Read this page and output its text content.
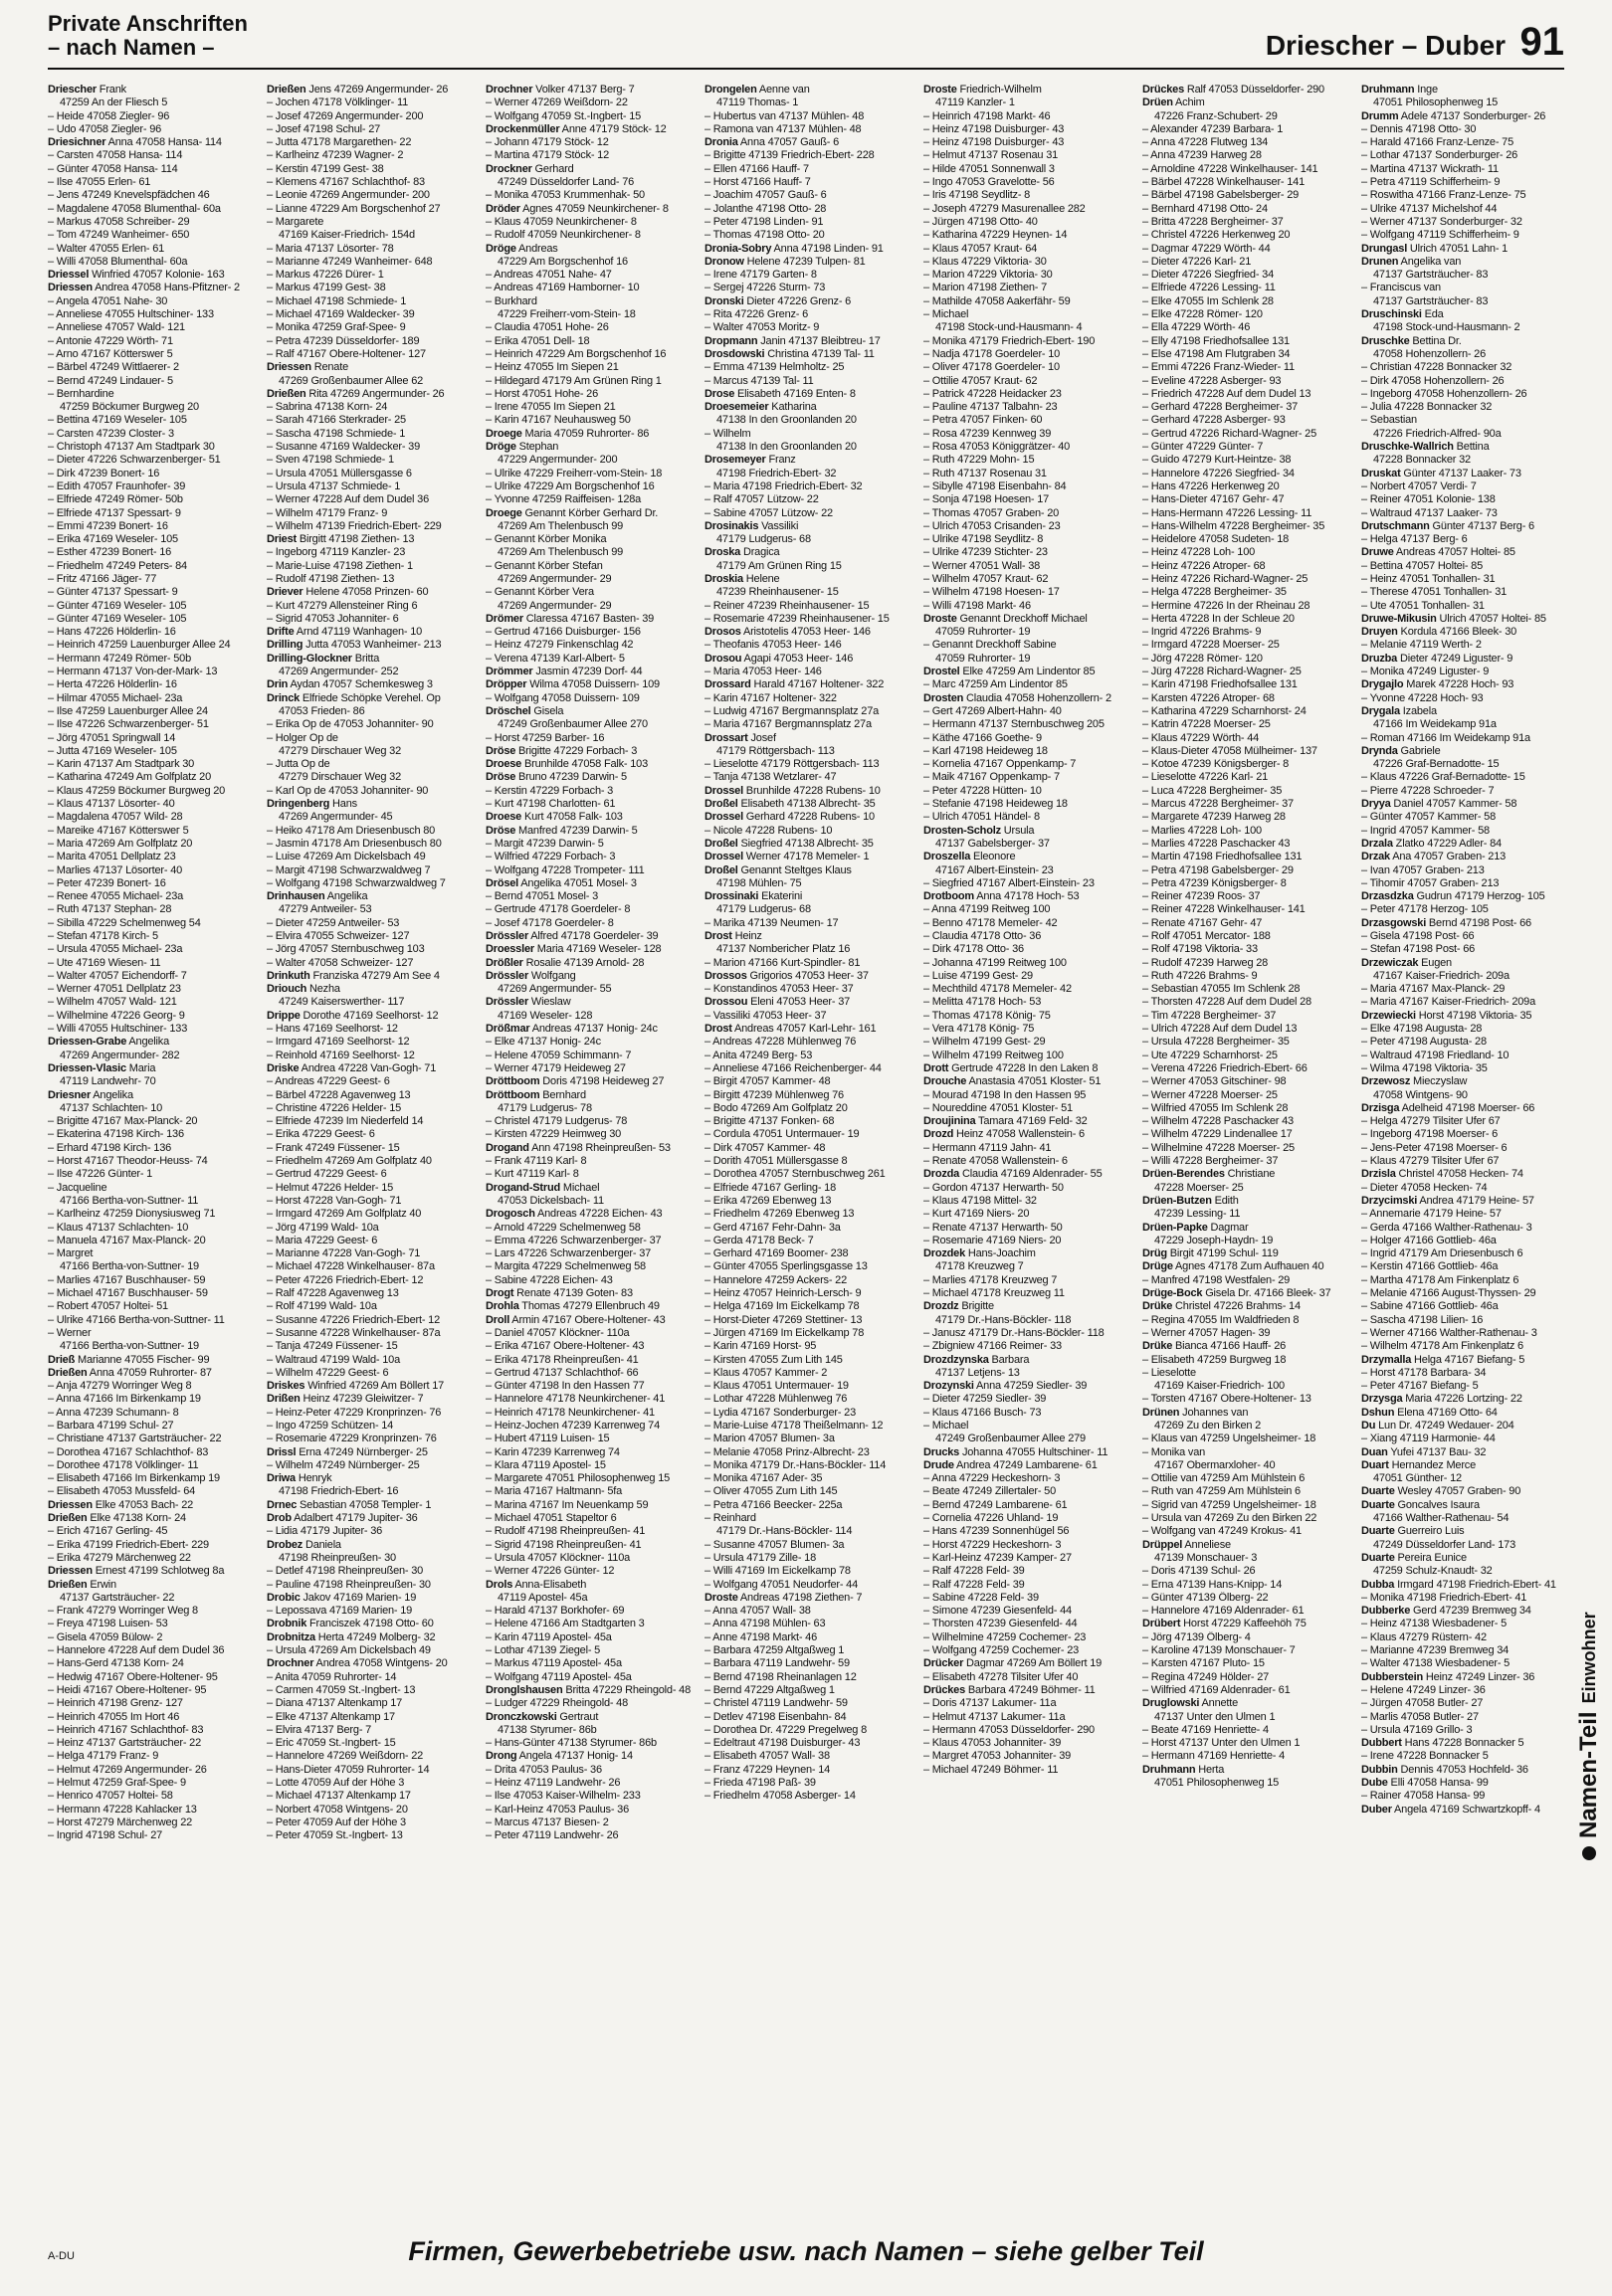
Private Anschriften
– nach Namen –	Driescher – Duber 91
Driescher Frank
47259 An der Fliesch 5
– Heide 47058 Ziegler- 96
– Udo 47058 Ziegler- 96
Driesichner Anna 47058 Hansa- 114
– Carsten 47058 Hansa- 114
– Günter 47058 Hansa- 114
– Ilse 47055 Erlen- 61
– Jens 47249 Knevelspfädchen 46
– Magdalene 47058 Blumenthal- 60a
– Markus 47058 Schreiber- 29
– Tom 47249 Wanheimer- 650
– Walter 47055 Erlen- 61
– Willi 47058 Blumenthal- 60a
Driessel Winfried 47057 Kolonie- 163
Driessen Andrea 47058 Hans-Pfitzner- 2
– Angela 47051 Nahe- 30
– Anneliese 47055 Hultschiner- 133
– Anneliese 47057 Wald- 121
– Antonie 47229 Wörth- 71
– Arno 47167 Kötterswег 5
– Bärbel 47249 Wittlaerer- 2
– Bernd 47249 Lindauer- 5
– Bernhardine
47259 Böckumer Burgweg 20
– Bettina 47169 Weseler- 105
– Carsten 47239 Closter- 3
– Christoph 47137 Am Stadtpark 30
– Dieter 47226 Schwarzenberger- 51
– Dirk 47239 Bonert- 16
– Edith 47057 Fraunhofer- 39
– Elfriede 47249 Römer- 50b
– Elfriede 47137 Spessart- 9
– Emmi 47239 Bonert- 16
– Erika 47169 Weseler- 105
– Esther 47239 Bonert- 16
– Friedhelm 47249 Peters- 84
– Fritz 47166 Jäger- 77
– Günter 47137 Spessart- 9
– Günter 47169 Weseler- 105
– Günter 47169 Weseler- 105
– Hans 47226 Hölderlin- 16
– Heinrich 47259 Lauenburger Allee 24
– Hermann 47249 Römer- 50b
– Hermann 47137 Von-der-Mark- 13
– Herta 47226 Hölderlin- 16
– Hilmar 47055 Michael- 23a
– Ilse 47259 Lauenburger Allee 24
– Ilse 47226 Schwarzenberger- 51
– Jörg 47051 Springwall 14
– Jutta 47169 Weseler- 105
– Karin 47137 Am Stadtpark 30
– Katharina 47249 Am Golfplatz 20
– Klaus 47259 Böckumer Burgweg 20
– Klaus 47137 Lösorter- 40
– Magdalena 47057 Wild- 28
– Mareike 47167 Kötterswег 5
– Maria 47269 Am Golfplatz 20
– Marita 47051 Dellplatz 23
– Marlies 47137 Lösorter- 40
– Peter 47239 Bonert- 16
– Renee 47055 Michael- 23a
– Ruth 47137 Stephan- 28
– Sibilla 47229 Schelmenweg 54
– Stefan 47178 Kirch- 5
– Ursula 47055 Michael- 23a
– Ute 47169 Wiesen- 11
– Walter 47057 Eichendorff- 7
– Werner 47051 Dellplatz 23
– Wilhelm 47057 Wald- 121
– Wilhelmine 47226 Georg- 9
– Willi 47055 Hultschiner- 133
Driessen-Grabe Angelika
47269 Angermunder- 282
Driessen-Vlasic Maria
47119 Landwehr- 70
Driesner Angelika
47137 Schlachten- 10
– Brigitte 47167 Max-Planck- 20
– Ekaterina 47198 Kirch- 136
– Erhard 47198 Kirch- 136
– Horst 47167 Theodor-Heuss- 74
– Ilse 47226 Günter- 1
– Jacqueline
47166 Bertha-von-Suttner- 11
– Karlheinz 47259 Dionysiusweg 71
– Klaus 47137 Schlachten- 10
– Manuela 47167 Max-Planck- 20
– Margret
47166 Bertha-von-Suttner- 19
– Marlies 47167 Buschhauser- 59
– Michael 47167 Buschhauser- 59
– Robert 47057 Holtei- 51
– Ulrike 47166 Bertha-von-Suttner- 11
– Werner
47166 Bertha-von-Suttner- 19
Drieß Marianne 47055 Fischer- 99
Drießen Anna 47059 Ruhrorter- 87
– Anja 47279 Worringer Weg 8
– Anna 47166 Im Birkenkamp 19
– Anna 47239 Schumann- 8
– Barbara 47199 Schul- 27
– Christiane 47137 Gartsträucher- 22
– Dorothea 47167 Schlachthof- 83
– Dorothee 47178 Völklinger- 11
– Elisabeth 47166 Im Birkenkamp 19
– Elisabeth 47053 Mussfeld- 64
Driessen Elke 47053 Bach- 22
Drießen Elke 47138 Korn- 24
– Erich 47167 Gerling- 45
– Erika 47199 Friedrich-Ebert- 229
– Erika 47279 Märchenweg 22
Driessen Ernest 47199 Schlotweg 8a
Drießen Erwin
47137 Gartsträucher- 22
– Frank 47279 Worringer Weg 8
– Freya 47198 Luisen- 53
– Gisela 47059 Bülow- 2
– Hannelore 47228 Auf dem Dudel 36
– Hans-Gerd 47138 Korn- 24
– Hedwig 47167 Obere-Holtener- 95
– Heidi 47167 Obere-Holtener- 95
– Heinrich 47198 Grenz- 127
– Heinrich 47055 Im Hort 46
– Heinrich 47167 Schlachthof- 83
– Heinz 47137 Gartsträucher- 22
– Helga 47179 Franz- 9
– Helmut 47269 Angermunder- 26
– Helmut 47259 Graf-Spee- 9
– Henrico 47057 Holtei- 58
– Hermann 47228 Kahlacker 13
– Horst 47279 Märchenweg 22
– Ingrid 47198 Schul- 27
Drießen Jens 47269 Angermunder- 26
– Jochen 47178 Völklinger- 11
– Josef 47269 Angermunder- 200
– Josef 47198 Schul- 27
– Jutta 47178 Margarethen- 22
– Karlheinz 47239 Wagner- 2
– Kerstin 47199 Gest- 38
– Klemens 47167 Schlachthof- 83
– Leonie 47269 Angermunder- 200
– Lianne 47229 Am Borgschenhof 27
– Margarete
47169 Kaiser-Friedrich- 154d
– Maria 47137 Lösorter- 78
– Marianne 47249 Wanheimer- 648
– Markus 47226 Dürer- 1
– Markus 47199 Gest- 38
– Michael 47198 Schmiede- 1
– Michael 47169 Waldecker- 39
– Monika 47259 Graf-Spee- 9
– Petra 47239 Düsseldorfer- 189
– Ralf 47167 Obere-Holtener- 127
Driessen Renate
47269 Großenbaumer Allee 62
Drießen Rita 47269 Angermunder- 26
– Sabrina 47138 Korn- 24
– Sarah 47166 Sterkrader- 25
– Sascha 47198 Schmiede- 1
– Susanne 47169 Waldecker- 39
– Sven 47198 Schmiede- 1
– Ursula 47051 Müllersgasse 6
– Ursula 47137 Schmiede- 1
– Werner 47228 Auf dem Dudel 36
– Wilhelm 47179 Franz- 9
– Wilhelm 47139 Friedrich-Ebert- 229
Driest Birgitt 47198 Ziethen- 13
– Ingeborg 47119 Kanzler- 23
– Marie-Luise 47198 Ziethen- 1
– Rudolf 47198 Ziethen- 13
Driever Helene 47058 Prinzen- 60
– Kurt 47279 Allensteiner Ring 6
– Sigrid 47053 Johanniter- 6
Drifte Arnd 47119 Wanhagen- 10
Drilling Jutta 47053 Wanheimer- 213
Drilling-Glockner Britta
47269 Angermunder- 252
Drin Aydan 47057 Schemkesweg 3
Drinck Elfriede Schöpke Verehel. Op
47053 Frieden- 86
– Erika Op de 47053 Johanniter- 90
– Holger Op de
47279 Dirschauer Weg 32
– Jutta Op de
47279 Dirschauer Weg 32
– Karl Op de 47053 Johanniter- 90
Dringenberg Hans
47269 Angermunder- 45
– Heiko 47178 Am Driesenbusch 80
– Jasmin 47178 Am Driesenbusch 80
– Luise 47269 Am Dickelsbach 49
– Margit 47198 Schwarzwaldweg 7
– Wolfgang 47198 Schwarzwaldweg 7
Drinhausen Angelika
47279 Antweiler- 53
– Dieter 47259 Antweiler- 53
– Elvira 47055 Schweizer- 127
– Jörg 47057 Sternbuschweg 103
– Walter 47058 Schweizer- 127
Drinkuth Franziska 47279 Am See 4
Driouch Nezha
47249 Kaiserswerther- 117
Drippe Dorothe 47169 Seelhorst- 12
– Hans 47169 Seelhorst- 12
– Irmgard 47169 Seelhorst- 12
– Reinhold 47169 Seelhorst- 12
Driske Andrea 47228 Van-Gogh- 71
– Andreas 47229 Geest- 6
– Bärbel 47228 Agavenweg 13
– Christine 47226 Helder- 15
– Elfriede 47239 Im Niederfeld 14
– Erika 47229 Geest- 6
– Frank 47249 Füssener- 15
– Friedhelm 47269 Am Golfplatz 40
– Gertrud 47229 Geest- 6
– Helmut 47226 Helder- 15
– Horst 47228 Van-Gogh- 71
– Irmgard 47269 Am Golfplatz 40
– Jörg 47199 Wald- 10a
– Maria 47229 Geest- 6
– Marianne 47228 Van-Gogh- 71
– Michael 47228 Winkelhauser- 87a
– Peter 47226 Friedrich-Ebert- 12
– Ralf 47228 Agavenweg 13
– Rolf 47199 Wald- 10a
– Susanne 47226 Friedrich-Ebert- 12
– Susanne 47228 Winkelhauser- 87a
– Tanja 47249 Füssener- 15
– Waltraud 47199 Wald- 10a
– Wilhelm 47229 Geest- 6
Driskes Winfried 47269 Am Böllert 17
Drißen Heinz 47239 Gleiwitzer- 7
– Heinz-Peter 47229 Kronprinzen- 76
– Ingo 47259 Schützen- 14
– Rosemarie 47229 Kronprinzen- 76
Drissl Erna 47249 Nürnberger- 25
– Wilhelm 47249 Nürnberger- 25
Driwa Henryk
47198 Friedrich-Ebert- 16
Drnec Sebastian 47058 Templer- 1
Drob Adalbert 47179 Jupiter- 36
– Lidia 47179 Jupiter- 36
Drobez Daniela
47198 Rheinpreußen- 30
– Detlef 47198 Rheinpreußen- 30
– Pauline 47198 Rheinpreußen- 30
Drobic Jakov 47169 Marien- 19
– Lepossava 47169 Marien- 19
Drobnik Franciszek 47198 Otto- 60
Drobnitza Herta 47249 Molberg- 32
– Ursula 47269 Am Dickelsbach 49
Drochner Andrea 47058 Wintgens- 20
– Anita 47059 Ruhrorter- 14
– Carmen 47059 St.-Ingbert- 13
– Diana 47137 Altenkamp 17
– Elke 47137 Altenkamp 17
– Elvira 47137 Berg- 7
– Eric 47059 St.-Ingbert- 15
– Hannelore 47269 Weißdorn- 22
– Hans-Dieter 47059 Ruhrorter- 14
– Lotte 47059 Auf der Höhe 3
– Michael 47137 Altenkamp 17
– Norbert 47058 Wintgens- 20
– Peter 47059 Auf der Höhe 3
– Peter 47059 St.-Ingbert- 13
Drochner Volker 47137 Berg- 7
– Werner 47269 Weißdorn- 22
– Wolfgang 47059 St.-Ingbert- 15
Drockenmüller Anne 47179 Stöck- 12
– Johann 47179 Stöck- 12
– Martina 47179 Stöck- 12
Drockner Gerhard
47249 Düsseldorfer Land- 76
– Monika 47053 Krummenhak- 50
Dröder Agnes 47059 Neunkirchener- 8
– Klaus 47059 Neunkirchener- 8
– Rudolf 47059 Neunkirchener- 8
Dröge Andreas
47229 Am Borgschenhof 16
– Andreas 47051 Nahe- 47
– Andreas 47169 Hamborner- 10
– Burkhard
47229 Freiherr-vom-Stein- 18
– Claudia 47051 Hohe- 26
– Erika 47051 Dell- 18
– Heinrich 47229 Am Borgschenhof 16
– Heinz 47055 Im Siepen 21
– Hildegard 47179 Am Grünen Ring 1
– Horst 47051 Hohe- 26
– Irene 47055 Im Siepen 21
– Karin 47167 Neuhausweg 50
Droege Maria 47059 Ruhrorter- 86
Dröge Stephan
47229 Angermunder- 200
– Ulrike 47229 Freiherr-vom-Stein- 18
– Ulrike 47229 Am Borgschenhof 16
– Yvonne 47259 Raiffeisen- 128a
Droege Genannt Körber Gerhard Dr.
47269 Am Thelenbusch 99
– Genannt Körber Monika
47269 Am Thelenbusch 99
– Genannt Körber Stefan
47269 Angermunder- 29
– Genannt Körber Vera
47269 Angermunder- 29
Drömer Claressa 47167 Basten- 39
– Gertrud 47166 Duisburger- 156
– Heinz 47279 Finkenschlag 42
– Verena 47139 Karl-Albert- 5
Drömmer Jasmin 47239 Dorf- 44
Dröpper Wilma 47058 Duissern- 109
– Wolfgang 47058 Duissern- 109
Dröschel Gisela
47249 Großenbaumer Allee 270
– Horst 47259 Barber- 16
Dröse Brigitte 47229 Forbach- 3
Droese Brunhilde 47058 Falk- 103
Dröse Bruno 47239 Darwin- 5
– Kerstin 47229 Forbach- 3
– Kurt 47198 Charlotten- 61
Droese Kurt 47058 Falk- 103
Dröse Manfred 47239 Darwin- 5
– Margit 47239 Darwin- 5
– Wilfried 47229 Forbach- 3
– Wolfgang 47228 Trompeter- 111
Drösel Angelika 47051 Mosel- 3
– Bernd 47051 Mosel- 3
– Gertrude 47178 Goerdeler- 8
– Josef 47178 Goerdeler- 8
Drössler Alfred 47178 Goerdeler- 39
Droessler Maria 47169 Weseler- 128
Drößler Rosalie 47139 Arnold- 28
Drössler Wolfgang
47269 Angermunder- 55
Drössler Wieslaw
47169 Weseler- 128
Drößmar Andreas 47137 Honig- 24c
– Elke 47137 Honig- 24c
– Helene 47059 Schimmann- 7
– Werner 47179 Heideweg 27
Dröttboom Doris 47198 Heideweg 27
Dröttboom Bernhard
47179 Ludgerus- 78
– Christel 47179 Ludgerus- 78
– Kirsten 47229 Heimweg 30
Drogand Ann 47198 Rheinpreußen- 53
– Frank 47119 Karl- 8
– Kurt 47119 Karl- 8
Drogand-Strud Michael
47053 Dickelsbach- 11
Drogosch Andreas 47228 Eichen- 43
– Arnold 47229 Schelmenweg 58
– Emma 47226 Schwarzenberger- 37
– Lars 47226 Schwarzenberger- 37
– Margita 47229 Schelmenweg 58
– Sabine 47228 Eichen- 43
Drogt Renate 47139 Goten- 83
Drohla Thomas 47279 Ellenbruch 49
Droll Armin 47167 Obere-Holtener- 43
– Daniel 47057 Klöckner- 110a
– Erika 47167 Obere-Holtener- 43
– Erika 47178 Rheinpreußen- 41
– Gertrud 47137 Schlachthof- 66
– Günter 47198 In den Hassen 77
– Hannelore 47178 Neunkirchener- 41
– Heinrich 47178 Neunkirchener- 41
– Heinz-Jochen 47239 Karrenweg 74
– Hubert 47119 Luisen- 15
– Karin 47239 Karrenweg 74
– Klara 47119 Apostel- 15
– Margarete 47051 Philosophenweg 15
– Maria 47167 Haltmann- 5fa
– Marina 47167 Im Neuenkamp 59
– Michael 47051 Stapeltor 6
– Rudolf 47198 Rheinpreußen- 41
– Sigrid 47198 Rheinpreußen- 41
– Ursula 47057 Klöckner- 110a
– Werner 47226 Günter- 12
Drols Anna-Elisabeth
47119 Apostel- 45a
– Harald 47137 Borkhofer- 69
– Helene 47166 Am Stadtgarten 3
– Karin 47119 Apostel- 45a
– Lothar 47139 Ziegel- 5
– Markus 47119 Apostel- 45a
– Wolfgang 47119 Apostel- 45a
Dronglshausen Britta 47229 Rheingold- 48
– Ludger 47229 Rheingold- 48
Dronczkowski Gertraut
47138 Styrumer- 86b
– Hans-Günter 47138 Styrumer- 86b
Drong Angela 47137 Honig- 14
– Drita 47053 Paulus- 36
– Heinz 47119 Landwehr- 26
– Ilse 47053 Kaiser-Wilhelm- 233
– Karl-Heinz 47053 Paulus- 36
– Marcus 47137 Biesen- 2
– Peter 47119 Landwehr- 26
Drongelen Aenne van
47119 Thomas- 1
– Hubertus van 47137 Mühlen- 48
– Ramona van 47137 Mühlen- 48
Dronia Anna 47057 Gauß- 6
– Brigitte 47139 Friedrich-Ebert- 228
– Ellen 47166 Hauff- 7
– Horst 47166 Hauff- 7
– Joachim 47057 Gauß- 6
– Jolanthe 47198 Otto- 28
– Peter 47198 Linden- 91
– Thomas 47198 Otto- 20
Dronia-Sobry Anna 47198 Linden- 91
Dronow Helene 47239 Tulpen- 81
– Irene 47179 Garten- 8
– Sergej 47226 Sturm- 73
Dronski Dieter 47226 Grenz- 6
– Rita 47226 Grenz- 6
– Walter 47053 Moritz- 9
Dropmann Janin 47137 Bleibtreu- 17
Drosdowski Christina 47139 Tal- 11
– Emma 47139 Helmholtz- 25
– Marcus 47139 Tal- 11
Drose Elisabeth 47169 Enten- 8
Droesemeier Katharina
47138 In den Groonlanden 20
– Wilhelm
47138 In den Groonlanden 20
Drosemeyer Franz
47198 Friedrich-Ebert- 32
– Maria 47198 Friedrich-Ebert- 32
– Ralf 47057 Lützow- 22
– Sabine 47057 Lützow- 22
Drosinakis Vassiliki
47179 Ludgerus- 68
Droska Dragica
47179 Am Grünen Ring 15
Droskia Helene
47239 Rheinhausener- 15
– Reiner 47239 Rheinhausener- 15
– Rosemarie 47239 Rheinhausener- 15
Drosos Aristotelis 47053 Heer- 146
– Theofanis 47053 Heer- 146
Drosou Agapi 47053 Heer- 146
– Maria 47053 Heer- 146
Drossard Harald 47167 Holtener- 322
– Karin 47167 Holtener- 322
– Ludwig 47167 Bergmannsplatz 27a
– Maria 47167 Bergmannsplatz 27a
Drossart Josef
47179 Röttgersbach- 113
– Lieselotte 47179 Röttgersbach- 113
– Tanja 47138 Wetzlarer- 47
Drossel Brunhilde 47228 Rubens- 10
Droßel Elisabeth 47138 Albrecht- 35
Drossel Gerhard 47228 Rubens- 10
– Nicole 47228 Rubens- 10
Droßel Siegfried 47138 Albrecht- 35
Drossel Werner 47178 Memeler- 1
Droßel Genannt Steltges Klaus
47198 Mühlen- 75
Drossinaki Ekaterini
47179 Ludgerus- 68
– Marika 47139 Neumen- 17
Drost Heinz
47137 Nombericher Platz 16
– Marion 47166 Kurt-Spindler- 81
Drossos Grigorios 47053 Heer- 37
– Konstandinos 47053 Heer- 37
Drossou Eleni 47053 Heer- 37
– Vassiliki 47053 Heer- 37
Drost Andreas 47057 Karl-Lehr- 161
– Andreas 47228 Mühlenweg 76
– Anita 47249 Berg- 53
– Anneliese 47166 Reichenberger- 44
– Birgit 47057 Kammer- 48
– Birgitt 47239 Mühlenweg 76
– Bodo 47269 Am Golfplatz 20
– Brigitte 47137 Fonken- 68
– Cordula 47051 Untermauer- 19
– Dirk 47057 Kammer- 48
– Dorith 47051 Müllersgasse 8
– Dorothea 47057 Sternbuschweg 261
– Elfriede 47167 Gerling- 18
– Erika 47269 Ebenweg 13
– Friedhelm 47269 Ebenweg 13
– Gerd 47167 Fehr-Dahn- 3a
– Gerda 47178 Beck- 7
– Gerhard 47169 Boomer- 238
– Günter 47055 Sperlingsgasse 13
– Hannelore 47259 Ackers- 22
– Heinz 47057 Heinrich-Lersch- 9
– Helga 47169 Im Eickelkamp 78
– Horst-Dieter 47269 Stettiner- 13
– Jürgen 47169 Im Eickelkamp 78
– Karin 47169 Horst- 95
– Kirsten 47055 Zum Lith 145
– Klaus 47057 Kammer- 2
– Klaus 47051 Untermauer- 19
– Lothar 47228 Mühlenweg 76
– Lydia 47167 Sonderburger- 23
– Marie-Luise 47178 Theißelmann- 12
– Marion 47057 Blumen- 3a
– Melanie 47058 Prinz-Albrecht- 23
– Monika 47179 Dr.-Hans-Böckler- 114
– Monika 47167 Ader- 35
– Oliver 47055 Zum Lith 145
– Petra 47166 Beecker- 225a
– Reinhard
47179 Dr.-Hans-Böckler- 114
– Susanne 47057 Blumen- 3a
– Ursula 47179 Zille- 18
– Willi 47169 Im Eickelkamp 78
– Wolfgang 47051 Neudorfer- 44
Droste Andreas 47198 Ziethen- 7
– Anna 47057 Wall- 38
– Anna 47198 Mühlen- 63
– Anne 47198 Markt- 46
– Barbara 47259 Altgaßweg 1
– Barbara 47119 Landwehr- 59
– Bernd 47198 Rheinanlagen 12
– Bernd 47229 Altgaßweg 1
– Christel 47119 Landwehr- 59
– Detlev 47198 Eisenbahn- 84
– Dorothea Dr. 47229 Pregelweg 8
– Edeltraut 47198 Duisburger- 43
– Elisabeth 47057 Wall- 38
– Franz 47229 Heynen- 14
– Frieda 47198 Paß- 39
– Friedhelm 47058 Asberger- 14
Droste Friedrich-Wilhelm
47119 Kanzler- 1
– Heinrich 47198 Markt- 46
– Heinz 47198 Duisburger- 43
– Heinz 47198 Duisburger- 43
– Helmut 47137 Rosenau 31
– Hilde 47051 Sonnenwall 3
– Ingo 47053 Gravelotte- 56
– Iris 47198 Seydlitz- 8
– Joseph 47279 Masurenallee 282
– Jürgen 47198 Otto- 40
– Katharina 47229 Heynen- 14
– Klaus 47057 Kraut- 64
– Klaus 47229 Viktoria- 30
– Marion 47229 Viktoria- 30
– Marion 47198 Ziethen- 7
– Mathilde 47058 Aakerfähr- 59
– Michael
47198 Stock-und-Hausmann- 4
– Monika 47179 Friedrich-Ebert- 190
– Nadja 47178 Goerdeler- 10
– Oliver 47178 Goerdeler- 10
– Ottilie 47057 Kraut- 62
– Patrick 47228 Heidacker 23
– Pauline 47137 Talbahn- 23
– Petra 47057 Finken- 60
– Rosa 47239 Kennweg 39
– Rosa 47053 Königgrätzer- 40
– Ruth 47229 Mohn- 15
– Ruth 47137 Rosenau 31
– Sibylle 47198 Eisenbahn- 84
– Sonja 47198 Hoesen- 17
– Thomas 47057 Graben- 20
– Ulrich 47053 Crisanden- 23
– Ulrike 47198 Seydlitz- 8
– Ulrike 47239 Stichter- 23
– Werner 47051 Wall- 38
– Wilhelm 47057 Kraut- 62
– Wilhelm 47198 Hoesen- 17
– Willi 47198 Markt- 46
Droste Genannt Dreckhoff Michael
47059 Ruhrorter- 19
– Genannt Dreckhoff Sabine
47059 Ruhrorter- 19
Drostel Elke 47259 Am Lindentor 85
– Marc 47259 Am Lindentor 85
Drosten Claudia 47058 Hohenzollern- 2
– Gert 47269 Albert-Hahn- 40
– Hermann 47137 Sternbuschweg 205
– Käthe 47166 Goethe- 9
– Karl 47198 Heideweg 18
– Kornelia 47167 Oppenkamp- 7
– Maik 47167 Oppenkamp- 7
– Peter 47228 Hütten- 10
– Stefanie 47198 Heideweg 18
– Ulrich 47051 Händel- 8
Drosten-Scholz Ursula
47137 Gabelsberger- 37
Droszella Eleonore
47167 Albert-Einstein- 23
– Siegfried 47167 Albert-Einstein- 23
Drotboom Anna 47178 Hoch- 53
– Anna 47199 Reitweg 100
– Benno 47178 Memeler- 42
– Claudia 47178 Otto- 36
– Dirk 47178 Otto- 36
– Johanna 47199 Reitweg 100
– Luise 47199 Gest- 29
– Mechthild 47178 Memeler- 42
– Melitta 47178 Hoch- 53
– Thomas 47178 König- 75
– Vera 47178 König- 75
– Wilhelm 47199 Gest- 29
– Wilhelm 47199 Reitweg 100
Drott Gertrude 47228 In den Laken 8
Drouche Anastasia 47051 Kloster- 51
– Mourad 47198 In den Hassen 95
– Noureddine 47051 Kloster- 51
Droujinina Tamara 47169 Feld- 32
Drozd Heinz 47058 Wallenstein- 6
– Hermann 47119 Jahn- 41
– Renate 47058 Wallenstein- 6
Drozda Claudia 47169 Aldenrader- 55
– Gordon 47137 Herwarth- 50
– Klaus 47198 Mittel- 32
– Kurt 47169 Niers- 20
– Renate 47137 Herwarth- 50
– Rosemarie 47169 Niers- 20
Drozdek Hans-Joachim
47178 Kreuzweg 7
– Marlies 47178 Kreuzweg 7
– Michael 47178 Kreuzweg 11
Drozdz Brigitte
47179 Dr.-Hans-Böckler- 118
– Janusz 47179 Dr.-Hans-Böckler- 118
– Zbigniew 47166 Reimer- 33
Drozdzynska Barbara
47137 Letjens- 13
Drozynski Anna 47259 Siedler- 39
– Dieter 47259 Siedler- 39
– Klaus 47166 Busch- 73
– Michael
47249 Großenbaumer Allee 279
Drucks Johanna 47055 Hultschiner- 11
Drude Andrea 47249 Lambarene- 61
– Anna 47229 Heckeshorn- 3
– Beate 47249 Zillertaler- 50
– Bernd 47249 Lambarene- 61
– Cornelia 47226 Uhland- 19
– Hans 47239 Sonnenhügel 56
– Horst 47229 Heckeshorn- 3
– Karl-Heinz 47239 Kamper- 27
– Ralf 47228 Feld- 39
– Ralf 47228 Feld- 39
– Sabine 47228 Feld- 39
– Simone 47239 Giesenfeld- 44
– Thorsten 47239 Giesenfeld- 44
– Wilhelmine 47259 Cochemer- 23
– Wolfgang 47259 Cochemer- 23
Drücker Dagmar 47269 Am Böllert 19
– Elisabeth 47278 Tilsiter Ufer 40
Drückes Barbara 47249 Böhmer- 11
– Doris 47137 Lakumer- 11a
– Helmut 47137 Lakumer- 11a
– Hermann 47053 Düsseldorfer- 290
– Klaus 47053 Johanniter- 39
– Margret 47053 Johanniter- 39
– Michael 47249 Böhmer- 11
Drückes Ralf 47053 Düsseldorfer- 290
Drüen Achim
47226 Franz-Schubert- 29
– Alexander 47239 Barbara- 1
– Anna 47228 Flutweg 134
– Anna 47239 Harweg 28
– Arnoldine 47228 Winkelhauser- 141
– Bärbel 47228 Winkelhauser- 141
– Bärbel 47198 Gabelsberger- 29
– Bernhard 47198 Otto- 24
– Britta 47228 Bergheimer- 37
– Christel 47226 Herkenweg 20
– Dagmar 47229 Wörth- 44
– Dieter 47226 Karl- 21
– Dieter 47226 Siegfried- 34
– Elfriede 47226 Lessing- 11
– Elke 47055 Im Schlenk 28
– Elke 47228 Römer- 120
– Ella 47229 Wörth- 46
– Elly 47198 Friedhofsallee 131
– Else 47198 Am Flutgraben 34
– Emmi 47226 Franz-Wieder- 11
– Eveline 47228 Asberger- 93
– Friedrich 47228 Auf dem Dudel 13
– Gerhard 47228 Bergheimer- 37
– Gerhard 47228 Asberger- 93
– Gertrud 47226 Richard-Wagner- 25
– Günter 47229 Günter- 7
– Guido 47279 Kurt-Heintze- 38
– Hannelore 47226 Siegfried- 34
– Hans 47226 Herkenweg 20
– Hans-Dieter 47167 Gehr- 47
– Hans-Hermann 47226 Lessing- 11
– Hans-Wilhelm 47228 Bergheimer- 35
– Heidelore 47058 Sudeten- 18
– Heinz 47228 Loh- 100
– Heinz 47226 Atroper- 68
– Heinz 47226 Richard-Wagner- 25
– Helga 47228 Bergheimer- 35
– Hermine 47226 In der Rheinau 28
– Herta 47228 In der Schleue 20
– Ingrid 47226 Brahms- 9
– Irmgard 47228 Moerser- 25
– Jörg 47228 Römer- 120
– Jürg 47228 Richard-Wagner- 25
– Karin 47198 Friedhofsallee 131
– Karsten 47226 Atroper- 68
– Katharina 47229 Scharnhorst- 24
– Katrin 47228 Moerser- 25
– Klaus 47229 Wörth- 44
– Klaus-Dieter 47058 Mülheimer- 137
– Kotoe 47239 Königsberger- 8
– Lieselotte 47226 Karl- 21
– Luca 47228 Bergheimer- 35
– Marcus 47228 Bergheimer- 37
– Margarete 47239 Harweg 28
– Marlies 47228 Loh- 100
– Marlies 47228 Paschacker 43
– Martin 47198 Friedhofsallee 131
– Petra 47198 Gabelsberger- 29
– Petra 47239 Königsberger- 8
– Reiner 47239 Roos- 37
– Reiner 47228 Winkelhauser- 141
– Renate 47167 Gehr- 47
– Rolf 47051 Mercator- 188
– Rolf 47198 Viktoria- 33
– Rudolf 47239 Harweg 28
– Ruth 47226 Brahms- 9
– Sebastian 47055 Im Schlenk 28
– Thorsten 47228 Auf dem Dudel 28
– Tim 47228 Bergheimer- 37
– Ulrich 47228 Auf dem Dudel 13
– Ursula 47228 Bergheimer- 35
– Ute 47229 Scharnhorst- 25
– Verena 47226 Friedrich-Ebert- 66
– Werner 47053 Gitschiner- 98
– Werner 47228 Moerser- 25
– Wilfried 47055 Im Schlenk 28
– Wilhelm 47228 Paschacker 43
– Wilhelm 47229 Lindenallee 17
– Wilhelmine 47228 Moerser- 25
– Willi 47228 Bergheimer- 37
Drüen-Berendes Christiane
47228 Moerser- 25
Drüen-Butzen Edith
47239 Lessing- 11
Drüen-Papke Dagmar
47229 Joseph-Haydn- 19
Drüg Birgit 47199 Schul- 119
Drüge Agnes 47178 Zum Aufhauen 40
– Manfred 47198 Westfalen- 29
Drüge-Bock Gisela Dr. 47166 Bleek- 37
Drüke Christel 47226 Brahms- 14
– Regina 47055 Im Waldfrieden 8
– Werner 47057 Hagen- 39
Drüke Bianca 47166 Hauff- 26
– Elisabeth 47259 Burgweg 18
– Lieselotte
47169 Kaiser-Friedrich- 100
– Torsten 47167 Obere-Holtener- 13
Drünen Johannes van
47269 Zu den Birken 2
– Klaus van 47259 Ungelsheimer- 18
– Monika van
47167 Obermarxloher- 40
– Ottilie van 47259 Am Mühlstein 6
– Ruth van 47259 Am Mühlstein 6
– Sigrid van 47259 Ungelsheimer- 18
– Ursula van 47269 Zu den Birken 22
– Wolfgang van 47249 Krokus- 41
Drüppel Anneliese
47139 Monschauer- 3
– Doris 47139 Schul- 26
– Erna 47139 Hans-Knipp- 14
– Günter 47139 Ölberg- 22
– Hannelore 47169 Aldenrader- 61
Drübert Horst 47229 Kaffeehöh 75
– Jörg 47139 Ölberg- 4
– Karoline 47139 Monschauer- 7
– Karsten 47167 Pluto- 15
– Regina 47249 Hölder- 27
– Wilfried 47169 Aldenrader- 61
Druglowski Annette
47137 Unter den Ulmen 1
– Beate 47169 Henriette- 4
– Horst 47137 Unter den Ulmen 1
– Hermann 47169 Henriette- 4
Druhmann Herta
47051 Philosophenweg 15
Druhmann Inge
47051 Philosophenweg 15
Drumm Adele 47137 Sonderburger- 26
– Dennis 47198 Otto- 30
– Harald 47166 Franz-Lenze- 75
– Lothar 47137 Sonderburger- 26
– Martina 47137 Wickrath- 11
– Petra 47119 Schifferheim- 9
– Roswitha 47166 Franz-Lenze- 75
– Ulrike 47137 Michelshof 44
– Werner 47137 Sonderburger- 32
– Wolfgang 47119 Schifferheim- 9
Drungasl Ulrich 47051 Lahn- 1
Drunen Angelika van
47137 Gartsträucher- 83
– Franciscus van
47137 Gartsträucher- 83
Druschinski Eda
47198 Stock-und-Hausmann- 2
Druschke Bettina Dr.
47058 Hohenzollern- 26
– Christian 47228 Bonnacker 32
– Dirk 47058 Hohenzollern- 26
– Ingeborg 47058 Hohenzollern- 26
– Julia 47228 Bonnacker 32
– Sebastian
47226 Friedrich-Alfred- 90a
Druschke-Wallrich Bettina
47228 Bonnacker 32
Druskat Günter 47137 Laaker- 73
– Norbert 47057 Verdi- 7
– Reiner 47051 Kolonie- 138
– Waltraud 47137 Laaker- 73
Drutschmann Günter 47137 Berg- 6
– Helga 47137 Berg- 6
Druwe Andreas 47057 Holtei- 85
– Bettina 47057 Holtei- 85
– Heinz 47051 Tonhallen- 31
– Therese 47051 Tonhallen- 31
– Ute 47051 Tonhallen- 31
Druwe-Mikusin Ulrich 47057 Holtei- 85
Druyen Kordula 47166 Bleek- 30
– Melanie 47119 Werth- 2
Druzba Dieter 47249 Liguster- 9
– Monika 47249 Liguster- 9
Drygajlo Marek 47228 Hoch- 93
– Yvonne 47228 Hoch- 93
Drygala Izabela
47166 Im Weidekamp 91a
– Roman 47166 Im Weidekamp 91a
Drynda Gabriele
47226 Graf-Bernadotte- 15
– Klaus 47226 Graf-Bernadotte- 15
– Pierre 47228 Schroeder- 7
Dryya Daniel 47057 Kammer- 58
– Günter 47057 Kammer- 58
– Ingrid 47057 Kammer- 58
Drzala Zlatko 47229 Adler- 84
Drzak Ana 47057 Graben- 213
– Ivan 47057 Graben- 213
– Tihomir 47057 Graben- 213
Drzasdzka Gudrun 47179 Herzog- 105
– Peter 47178 Herzog- 105
Drzasgowski Bernd 47198 Post- 66
– Gisela 47198 Post- 66
– Stefan 47198 Post- 66
Drzewiczak Eugen
47167 Kaiser-Friedrich- 209a
– Maria 47167 Max-Planck- 29
– Maria 47167 Kaiser-Friedrich- 209a
Drzewiecki Horst 47198 Viktoria- 35
– Elke 47198 Augusta- 28
– Peter 47198 Augusta- 28
– Waltraud 47198 Friedland- 10
– Wilma 47198 Viktoria- 35
Drzewosz Mieczyslaw
47058 Wintgens- 90
Drzisga Adelheid 47198 Moerser- 66
– Helga 47279 Tilsiter Ufer 67
– Ingeborg 47198 Moerser- 6
– Jens-Peter 47198 Moerser- 6
– Klaus 47279 Tilsiter Ufer 67
Drzisla Christel 47058 Hecken- 74
– Dieter 47058 Hecken- 74
Drzycimski Andrea 47179 Heine- 57
– Annemarie 47179 Heine- 57
– Gerda 47166 Walther-Rathenau- 3
– Holger 47166 Gottlieb- 46a
– Ingrid 47179 Am Driesenbusch 6
– Kerstin 47166 Gottlieb- 46a
– Martha 47178 Am Finkenplatz 6
– Melanie 47166 August-Thyssen- 29
– Sabine 47166 Gottlieb- 46a
– Sascha 47198 Lilien- 16
– Werner 47166 Walther-Rathenau- 3
– Wilhelm 47178 Am Finkenplatz 6
Drzymalla Helga 47167 Biefang- 5
– Horst 47178 Barbara- 34
– Peter 47167 Biefang- 5
Drzysga Maria 47226 Lortzing- 22
Dshun Elena 47169 Otto- 64
Du Lun Dr. 47249 Wedauer- 204
– Xiang 47119 Harmonie- 44
Duan Yufei 47137 Bau- 32
Duart Hernandez Merce
47051 Günther- 12
Duarte Wesley 47057 Graben- 90
Duarte Goncalves Isaura
47166 Walther-Rathenau- 54
Duarte Guerreiro Luis
47249 Düsseldorfer Land- 173
Duarte Pereira Eunice
47259 Schulz-Knaudt- 32
Dubba Irmgard 47198 Friedrich-Ebert- 41
– Monika 47198 Friedrich-Ebert- 41
Dubberke Gerd 47239 Bremweg 34
– Heinz 47138 Wiesbadener- 5
– Klaus 47279 Rüstern- 42
– Marianne 47239 Bremweg 34
– Walter 47138 Wiesbadener- 5
Dubberstein Heinz 47249 Linzer- 36
– Helene 47249 Linzer- 36
– Jürgen 47058 Butler- 27
– Marlis 47058 Butler- 27
– Ursula 47169 Grillo- 3
Dubbert Hans 47228 Bonnacker 5
– Irene 47228 Bonnacker 5
Dubbin Dennis 47053 Hochfeld- 36
Dube Elli 47058 Hansa- 99
– Rainer 47058 Hansa- 99
Duber Angela 47169 Schwartzkopff- 4	Namen-Teil
Einwohner
A-DU	Firmen, Gewerbebetriebe usw. nach Namen – siehe gelber Teil
